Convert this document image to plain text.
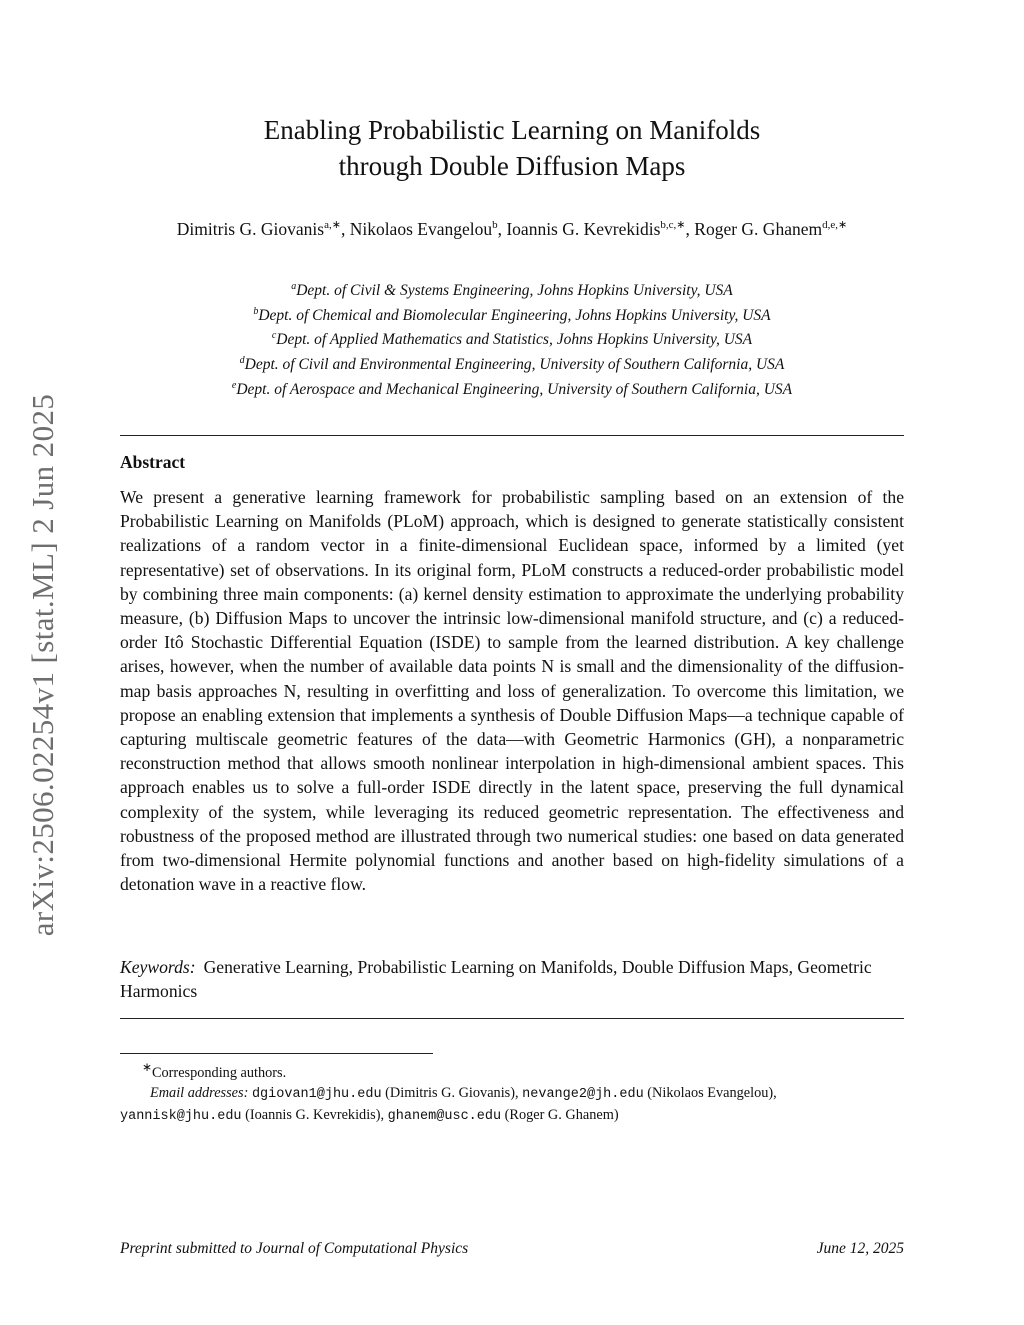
arXiv:2506.02254v1 [stat.ML] 2 Jun 2025
Enabling Probabilistic Learning on Manifolds
through Double Diffusion Maps
Dimitris G. Giovanis$^{a,∗}$, Nikolaos Evangelou$^b$, Ioannis G. Kevrekidis$^{b,c,∗}$, Roger G. Ghanem$^{d,e,∗}$
$^a$Dept. of Civil & Systems Engineering, Johns Hopkins University, USA
$^b$Dept. of Chemical and Biomolecular Engineering, Johns Hopkins University, USA
$^c$Dept. of Applied Mathematics and Statistics, Johns Hopkins University, USA
$^d$Dept. of Civil and Environmental Engineering, University of Southern California, USA
$^e$Dept. of Aerospace and Mechanical Engineering, University of Southern California, USA
Abstract
We present a generative learning framework for probabilistic sampling based on an extension of the Probabilistic Learning on Manifolds (PLoM) approach, which is designed to generate statistically consistent realizations of a random vector in a finite-dimensional Euclidean space, informed by a limited (yet representative) set of observations. In its original form, PLoM constructs a reduced-order probabilistic model by combining three main components: (a) kernel density estimation to approximate the underlying probability measure, (b) Diffusion Maps to uncover the intrinsic low-dimensional manifold structure, and (c) a reduced-order Itô Stochastic Differential Equation (ISDE) to sample from the learned distribution. A key challenge arises, however, when the number of available data points N is small and the dimensionality of the diffusion-map basis approaches N, resulting in overfitting and loss of generalization. To overcome this limitation, we propose an enabling extension that implements a synthesis of Double Diffusion Maps—a technique capable of capturing multiscale geometric features of the data—with Geometric Harmonics (GH), a nonparametric reconstruction method that allows smooth nonlinear interpolation in high-dimensional ambient spaces. This approach enables us to solve a full-order ISDE directly in the latent space, preserving the full dynamical complexity of the system, while leveraging its reduced geometric representation. The effectiveness and robustness of the proposed method are illustrated through two numerical studies: one based on data generated from two-dimensional Hermite polynomial functions and another based on high-fidelity simulations of a detonation wave in a reactive flow.
Keywords: Generative Learning, Probabilistic Learning on Manifolds, Double Diffusion Maps, Geometric Harmonics
∗Corresponding authors.
Email addresses: dgiovan1@jhu.edu (Dimitris G. Giovanis), nevange2@jh.edu (Nikolaos Evangelou),
yannisk@jhu.edu (Ioannis G. Kevrekidis), ghanem@usc.edu (Roger G. Ghanem)
Preprint submitted to Journal of Computational Physics	June 12, 2025
